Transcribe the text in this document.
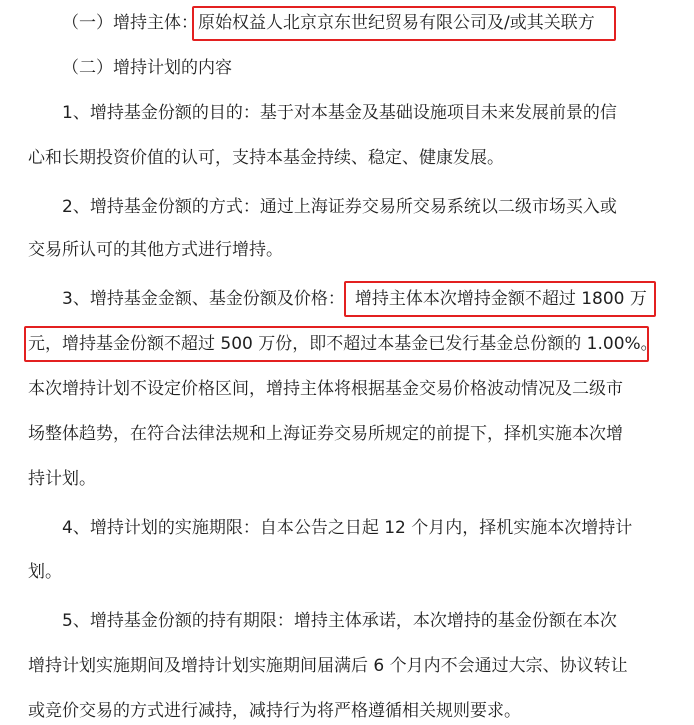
（一）增持主体：原始权益人北京京东世纪贸易有限公司及/或其关联方
（二）增持计划的内容
1、增持基金份额的目的：基于对本基金及基础设施项目未来发展前景的信
心和长期投资价值的认可，支持本基金持续、稳定、健康发展。
2、增持基金份额的方式：通过上海证券交易所交易系统以二级市场买入或
交易所认可的其他方式进行增持。
3、增持基金金额、基金份额及价格： 增持主体本次增持金额不超过 1800 万
元，增持基金份额不超过 500 万份，即不超过本基金已发行基金总份额的 1.00%。
本次增持计划不设定价格区间，增持主体将根据基金交易价格波动情况及二级市
场整体趋势，在符合法律法规和上海证券交易所规定的前提下，择机实施本次增
持计划。
4、增持计划的实施期限：自本公告之日起 12 个月内，择机实施本次增持计
划。
5、增持基金份额的持有期限：增持主体承诺，本次增持的基金份额在本次
增持计划实施期间及增持计划实施期间届满后 6 个月内不会通过大宗、协议转让
或竞价交易的方式进行减持，减持行为将严格遵循相关规则要求。
